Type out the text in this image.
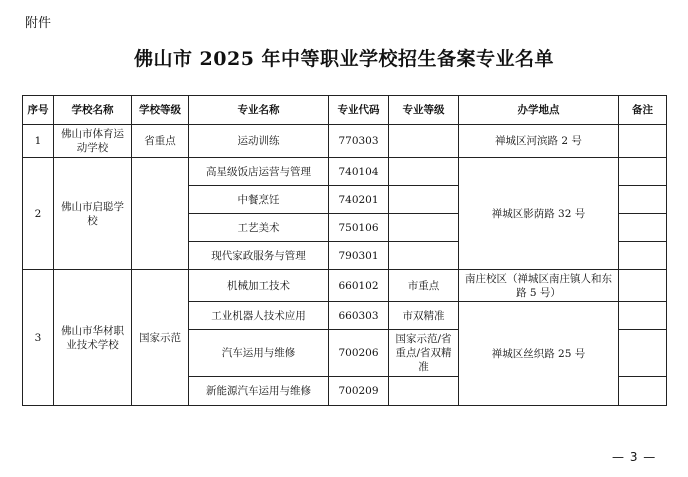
附件
佛山市 2025 年中等职业学校招生备案专业名单
序号	学校名称	学校等级	专业名称	专业代码	专业等级	办学地点	备注
1	佛山市体育运动学校	省重点	运动训练	770303		禅城区河滨路 2 号	
2	佛山市启聪学校		高星级饭店运营与管理	740104		禅城区影荫路 32 号	
			中餐烹饪	740201			
			工艺美术	750106			
			现代家政服务与管理	790301			
3	佛山市华材职业技术学校	国家示范	机械加工技术	660102	市重点	南庄校区（禅城区南庄镇人和东路 5 号）	
			工业机器人技术应用	660303	市双精准	禅城区丝织路 25 号	
			汽车运用与维修	700206	国家示范/省重点/省双精准		
			新能源汽车运用与维修	700209			
— 3 —
